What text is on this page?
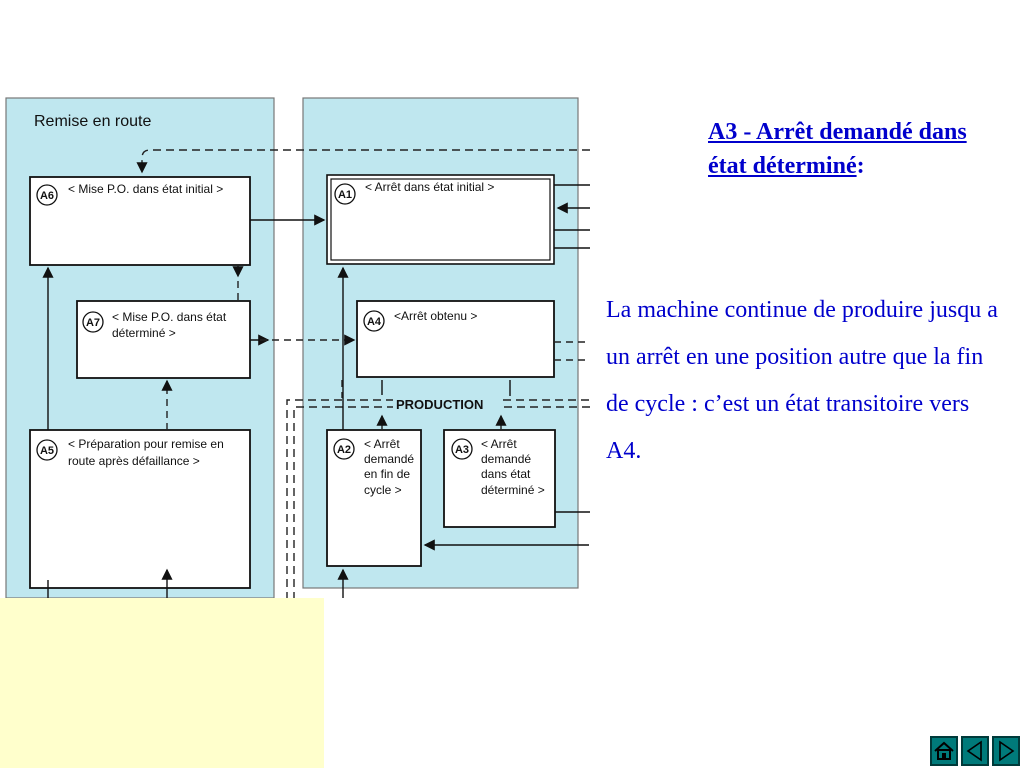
Remise en route
A6 < Mise P.O. dans état initial >	A1
< Arrêt dans état initial >
A7 < Mise P.O. dans état
déterminé >
A4 <Arrêt obtenu >
PRODUCTION
A5 < Préparation pour remise en
route après défaillance >
A2 < Arrêt
demandé
en fin de
cycle >
A3 < Arrêt
demandé
dans état
déterminé >
A3 - Arrêt demandé dans état déterminé:
La machine continue de produire jusqu a un arrêt en une position autre que la fin de cycle : c’est un état transitoire vers A4.
